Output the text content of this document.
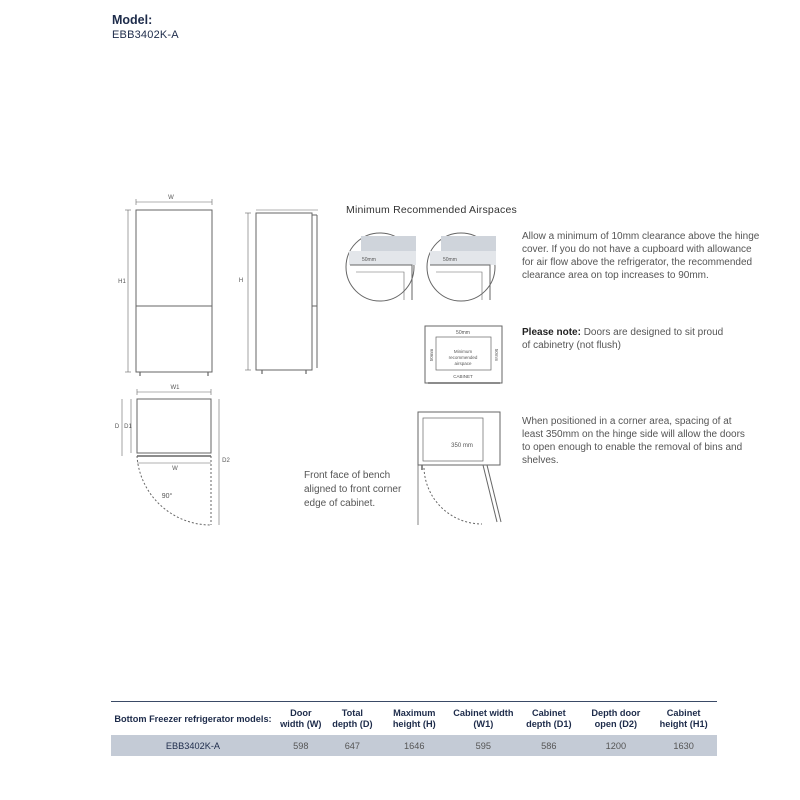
Model:
EBB3402K-A
W
H1	H
W1
D D1
W
D2
90°
50mm	50mm
50mm
50mm	50mm
Minimum
recommended
airspace
CABINET
350 mm
Minimum Recommended Airspaces
Allow a minimum of 10mm clearance above the hinge cover. If you do not have a cupboard with allowance for air flow above the refrigerator, the recommended clearance area on top increases to 90mm.
Please note: Doors are designed to sit proud of cabinetry (not flush)
When positioned in a corner area, spacing of at least 350mm on the hinge side will allow the doors to open enough to enable the removal of bins and shelves.
Front face of bench aligned to front corner edge of cabinet.
Bottom Freezer refrigerator models:	Door width (W)	Total depth (D)	Maximum height (H)	Cabinet width (W1)	Cabinet depth (D1)	Depth door open (D2)	Cabinet height (H1)
EBB3402K-A	598	647	1646	595	586	1200	1630
